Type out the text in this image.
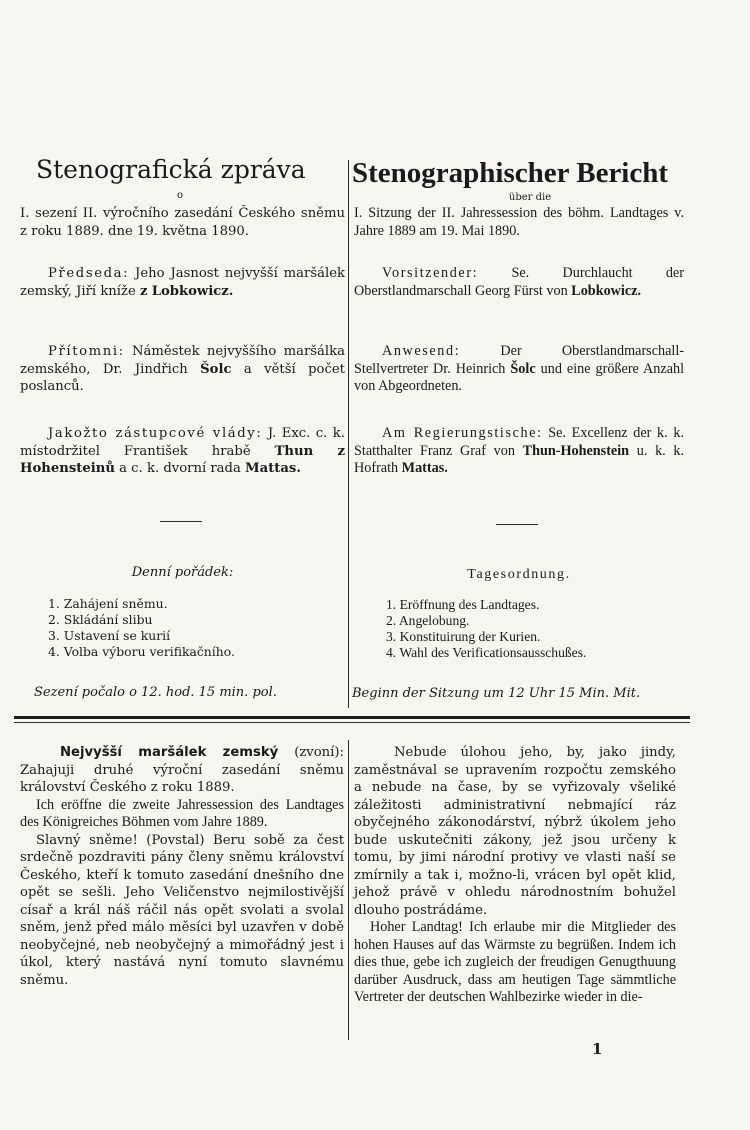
Stenografická zpráva
o
I. sezení II. výročního zasedání Českého sněmu z roku 1889. dne 19. května 1890.
Stenographischer Bericht
über die
I. Sitzung der II. Jahressession des böhm. Landtages v. Jahre 1889 am 19. Mai 1890.
Předseda: Jeho Jasnost nejvyšší maršálek zemský, Jiří kníže z Lobkowicz.
Vorsitzender: Se. Durchlaucht der Oberstlandmarschall Georg Fürst von Lobkowicz.
Přítomni: Náměstek nejvyššího maršálka zemského, Dr. Jindřich Šolc a větší počet poslanců.
Anwesend:	Der Oberstlandmarschall-Stellvertreter Dr. Heinrich Šolc und eine größere Anzahl von Abgeordneten.
Jakožto zástupcové vlády: J. Exc. c. k. místodržitel František hrabě Thun z Hohensteinů a c. k. dvorní rada Mattas.
Am Regierungstische: Se. Excellenz der k. k. Statthalter Franz Graf von Thun-Hohenstein u. k. k. Hofrath Mattas.
Denní pořádek:
1. Zahájení sněmu.
2. Skládání slibu
3. Ustavení se kurií
4. Volba výboru verifikačního.
Sezení počalo o 12. hod. 15 min. pol.
Tagesordnung.
1. Eröffnung des Landtages.
2. Angelobung.
3. Konstituirung der Kurien.
4. Wahl des Verificationsausschußes.
Beginn der Sitzung um 12 Uhr 15 Min. Mit.
Nejvyšší maršálek zemský (zvoní): Zahajuji druhé výroční zasedání sněmu království Českého z roku 1889.
Ich eröffne die zweite Jahressession des Landtages des Königreiches Böhmen vom Jahre 1889.
Slavný sněme! (Povstal) Beru sobě za čest srdečně pozdraviti pány členy sněmu království Českého, kteří k tomuto zasedání dnešního dne opět se sešli. Jeho Veličenstvo nejmilostivější císař a král náš ráčil nás opět svolati a svolal sněm, jenž před málo měsíci byl uzavřen v době neobyčejné, neb neobyčejný a mimořádný jest i úkol, který nastává nyní tomuto slavnému sněmu.
Nebude úlohou jeho, by, jako jindy, zaměstnával se upravením rozpočtu zemského a nebude na čase, by se vyřizovaly všeliké záležitosti administrativní nebmající ráz obyčejného zákonodárství, nýbrž úkolem jeho bude uskutečniti zákony, jež jsou určeny k tomu, by jimi národní protivy ve vlasti naší se zmírnily a tak i, možno-li, vrácen byl opět klid, jehož právě v ohledu národnostním bohužel dlouho postrádáme.
Hoher Landtag! Ich erlaube mir die Mitglieder des hohen Hauses auf das Wärmste zu begrüßen. Indem ich dies thue, gebe ich zugleich der freudigen Genugthuung darüber Ausdruck, dass am heutigen Tage sämmtliche Vertreter der deutschen Wahlbezirke wieder in die-
1
